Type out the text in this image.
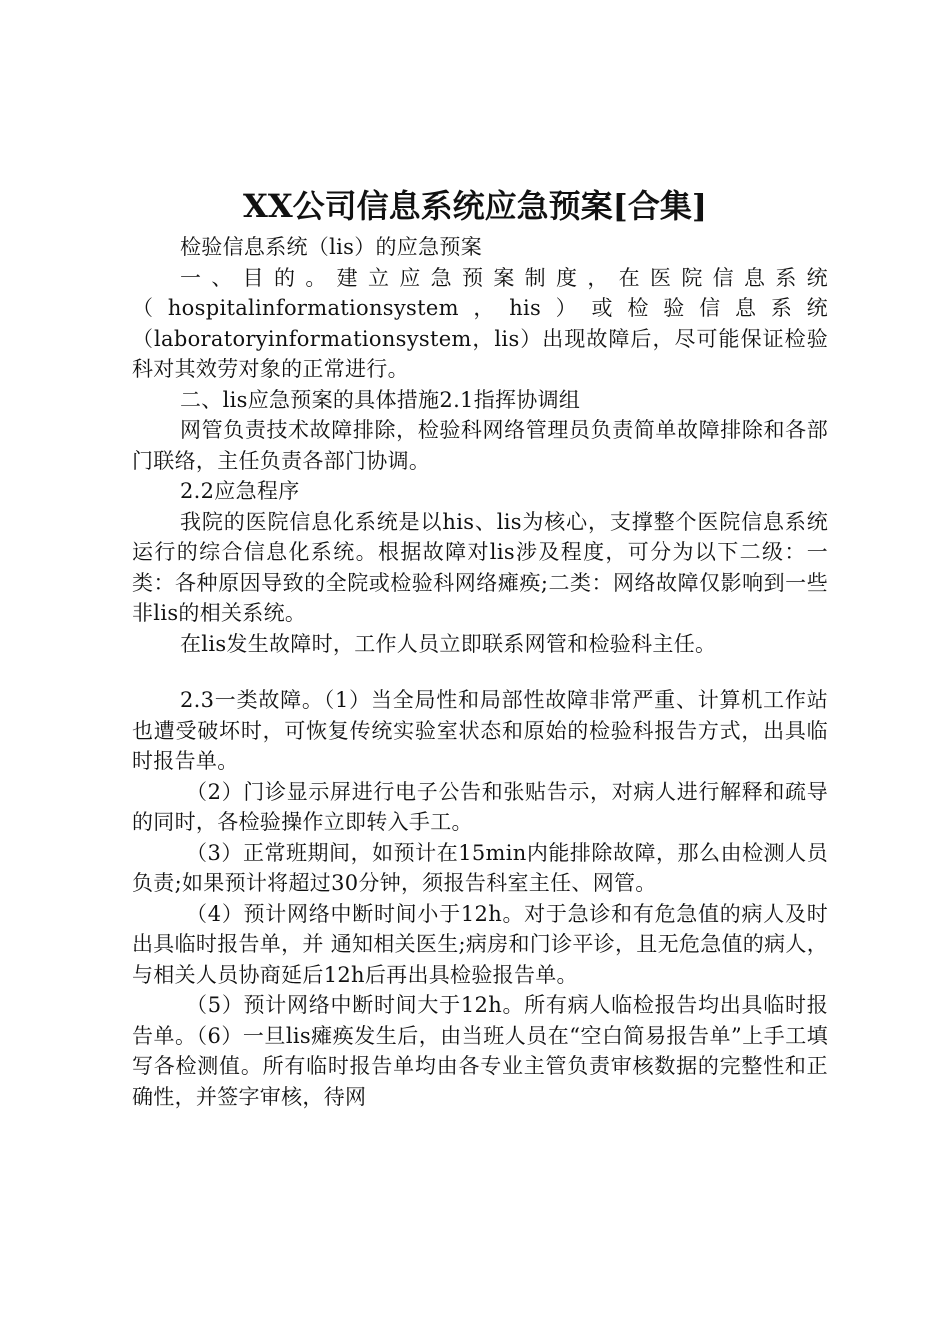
XX公司信息系统应急预案[合集]

检验信息系统（lis）的应急预案

一、目的。建立应急预案制度，在医院信息系统（hospitalinformationsystem，his）或检验信息系统（laboratoryinformationsystem，lis）出现故障后，尽可能保证检验科对其效劳对象的正常进行。

二、lis应急预案的具体措施2.1指挥协调组

网管负责技术故障排除，检验科网络管理员负责简单故障排除和各部门联络，主任负责各部门协调。

2.2应急程序

我院的医院信息化系统是以his、lis为核心，支撑整个医院信息系统运行的综合信息化系统。根据故障对lis涉及程度，可分为以下二级：一类：各种原因导致的全院或检验科网络瘫痪;二类：网络故障仅影响到一些非lis的相关系统。

在lis发生故障时，工作人员立即联系网管和检验科主任。

2.3一类故障。（1）当全局性和局部性故障非常严重、计算机工作站也遭受破坏时，可恢复传统实验室状态和原始的检验科报告方式，出具临时报告单。

（2）门诊显示屏进行电子公告和张贴告示，对病人进行解释和疏导的同时，各检验操作立即转入手工。

（3）正常班期间，如预计在15min内能排除故障，那么由检测人员负责;如果预计将超过30分钟，须报告科室主任、网管。

（4）预计网络中断时间小于12h。对于急诊和有危急值的病人及时出具临时报告单，并 通知相关医生;病房和门诊平诊，且无危急值的病人，与相关人员协商延后12h后再出具检验报告单。

（5）预计网络中断时间大于12h。所有病人临检报告均出具临时报告单。（6）一旦lis瘫痪发生后，由当班人员在“空白简易报告单”上手工填写各检测值。所有临时报告单均由各专业主管负责审核数据的完整性和正确性，并签字审核，待网
